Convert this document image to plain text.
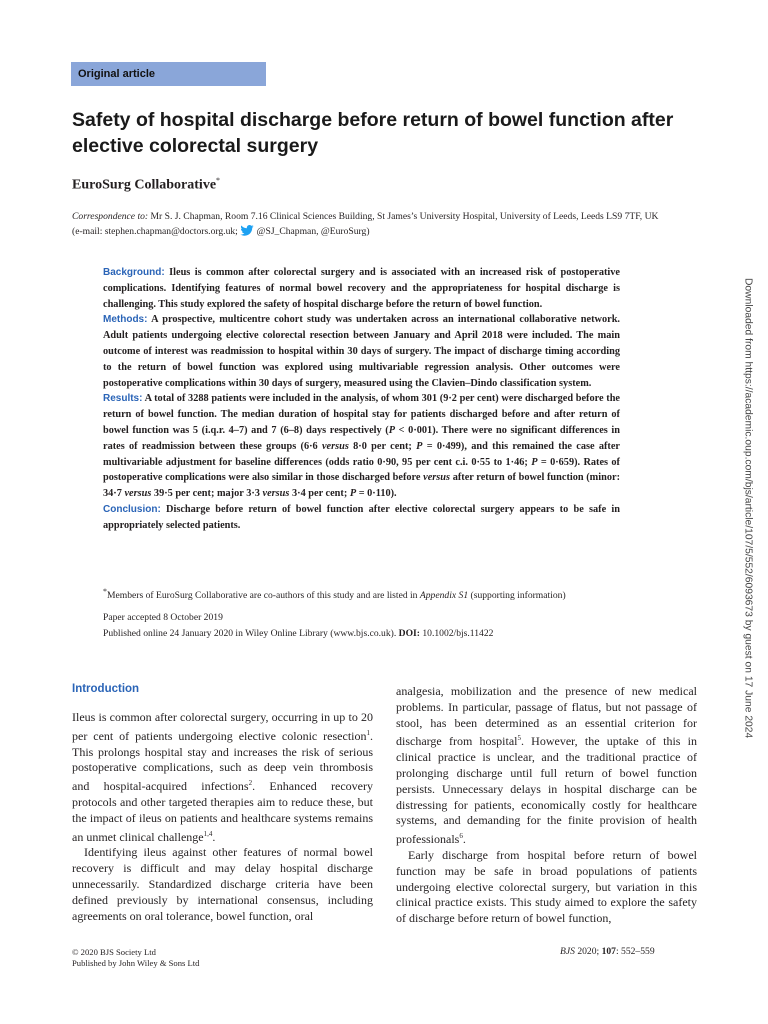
Original article
Safety of hospital discharge before return of bowel function after elective colorectal surgery
EuroSurg Collaborative*
Correspondence to: Mr S. J. Chapman, Room 7.16 Clinical Sciences Building, St James’s University Hospital, University of Leeds, Leeds LS9 7TF, UK
(e-mail: stephen.chapman@doctors.org.uk;  @SJ_Chapman, @EuroSurg)

Background: Ileus is common after colorectal surgery and is associated with an increased risk of postoperative complications. Identifying features of normal bowel recovery and the appropriateness for hospital discharge is challenging. This study explored the safety of hospital discharge before the return of bowel function.

Methods: A prospective, multicentre cohort study was undertaken across an international collaborative network. Adult patients undergoing elective colorectal resection between January and April 2018 were included. The main outcome of interest was readmission to hospital within 30 days of surgery. The impact of discharge timing according to the return of bowel function was explored using multivariable regression analysis. Other outcomes were postoperative complications within 30 days of surgery, measured using the Clavien–Dindo classification system.

Results: A total of 3288 patients were included in the analysis, of whom 301 (9·2 per cent) were discharged before the return of bowel function. The median duration of hospital stay for patients discharged before and after return of bowel function was 5 (i.q.r. 4–7) and 7 (6–8) days respectively (P < 0·001). There were no significant differences in rates of readmission between these groups (6·6 versus 8·0 per cent; P = 0·499), and this remained the case after multivariable adjustment for baseline differences (odds ratio 0·90, 95 per cent c.i. 0·55 to 1·46; P = 0·659). Rates of postoperative complications were also similar in those discharged before versus after return of bowel function (minor: 34·7 versus 39·5 per cent; major 3·3 versus 3·4 per cent; P = 0·110).

Conclusion: Discharge before return of bowel function after elective colorectal surgery appears to be safe in appropriately selected patients.

*Members of EuroSurg Collaborative are co-authors of this study and are listed in Appendix S1 (supporting information)
Paper accepted 8 October 2019
Published online 24 January 2020 in Wiley Online Library (www.bjs.co.uk). DOI: 10.1002/bjs.11422
Introduction

Ileus is common after colorectal surgery, occurring in up to 20 per cent of patients undergoing elective colonic resection$^1$. This prolongs hospital stay and increases the risk of serious postoperative complications, such as deep vein thrombosis and hospital-acquired infections$^2$. Enhanced recovery protocols and other targeted therapies aim to reduce these, but the impact of ileus on patients and healthcare systems remains an unmet clinical challenge$^{1,4}$.

Identifying ileus against other features of normal bowel recovery is difficult and may delay hospital discharge unnecessarily. Standardized discharge criteria have been defined previously by international consensus, including agreements on oral tolerance, bowel function, oral

analgesia, mobilization and the presence of new medical problems. In particular, passage of flatus, but not passage of stool, has been determined as an essential criterion for discharge from hospital$^5$. However, the uptake of this in clinical practice is unclear, and the traditional practice of prolonging discharge until full return of bowel function persists. Unnecessary delays in hospital discharge can be distressing for patients, economically costly for healthcare systems, and demanding for the finite provision of health professionals$^6$.

Early discharge from hospital before return of bowel function may be safe in broad populations of patients undergoing elective colorectal surgery, but variation in this clinical practice exists. This study aimed to explore the safety of discharge before return of bowel function,

© 2020 BJS Society Ltd
Published by John Wiley & Sons Ltd
BJS 2020; 107: 552–559
Downloaded from https://academic.oup.com/bjs/article/107/5/552/6093673 by guest on 17 June 2024
